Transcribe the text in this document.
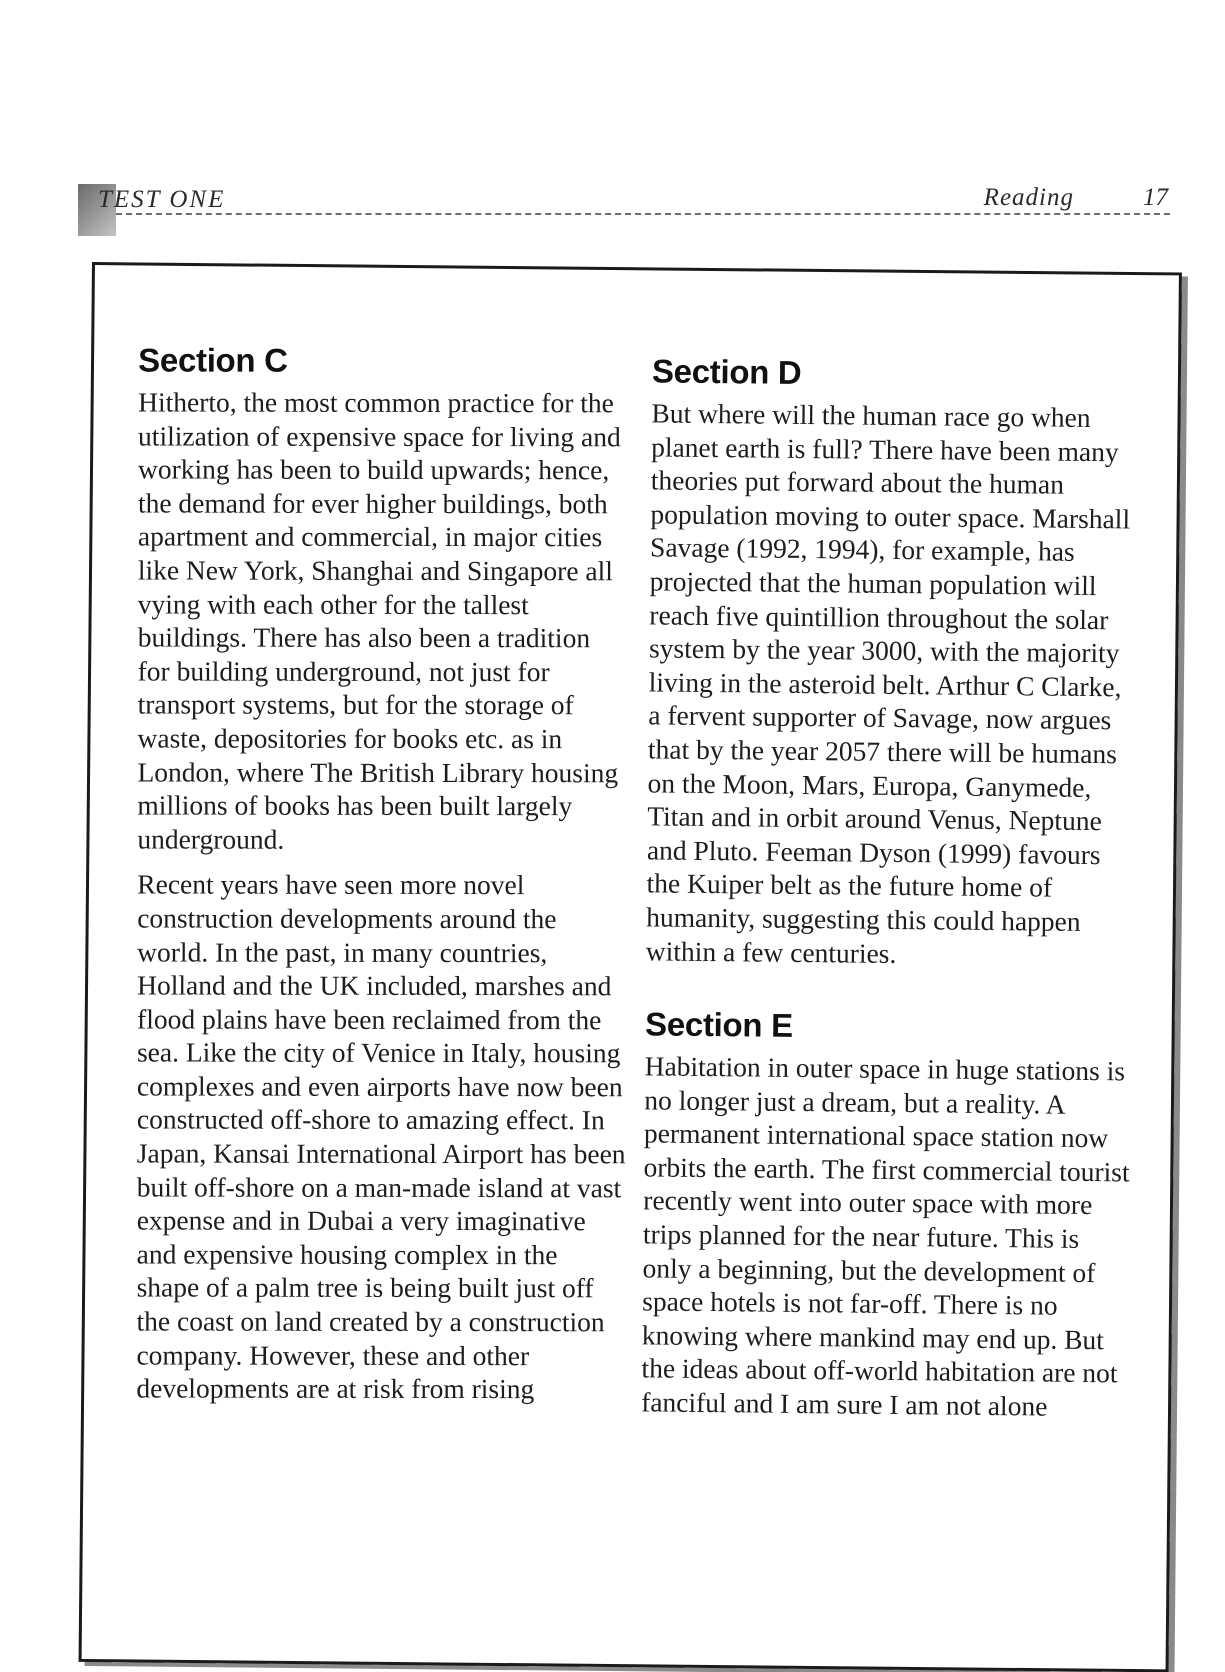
TEST ONE	Reading	17
Section C

Hitherto, the most common practice for the utilization of expensive space for living and working has been to build upwards; hence, the demand for ever higher buildings, both apartment and commercial, in major cities like New York, Shanghai and Singapore all vying with each other for the tallest buildings. There has also been a tradition for building underground, not just for transport systems, but for the storage of waste, depositories for books etc. as in London, where The British Library housing millions of books has been built largely underground.

Recent years have seen more novel construction developments around the world. In the past, in many countries, Holland and the UK included, marshes and flood plains have been reclaimed from the sea. Like the city of Venice in Italy, housing complexes and even airports have now been constructed off-shore to amazing effect. In Japan, Kansai International Airport has been built off-shore on a man-made island at vast expense and in Dubai a very imaginative and expensive housing complex in the shape of a palm tree is being built just off the coast on land created by a construction company. However, these and other developments are at risk from rising

Section D

But where will the human race go when planet earth is full? There have been many theories put forward about the human population moving to outer space. Marshall Savage (1992, 1994), for example, has projected that the human population will reach five quintillion throughout the solar system by the year 3000, with the majority living in the asteroid belt. Arthur C Clarke, a fervent supporter of Savage, now argues that by the year 2057 there will be humans on the Moon, Mars, Europa, Ganymede, Titan and in orbit around Venus, Neptune and Pluto. Feeman Dyson (1999) favours the Kuiper belt as the future home of humanity, suggesting this could happen within a few centuries.

Section E

Habitation in outer space in huge stations is no longer just a dream, but a reality. A permanent international space station now orbits the earth. The first commercial tourist recently went into outer space with more trips planned for the near future. This is only a beginning, but the development of space hotels is not far-off. There is no knowing where mankind may end up. But the ideas about off-world habitation are not fanciful and I am sure I am not alone
